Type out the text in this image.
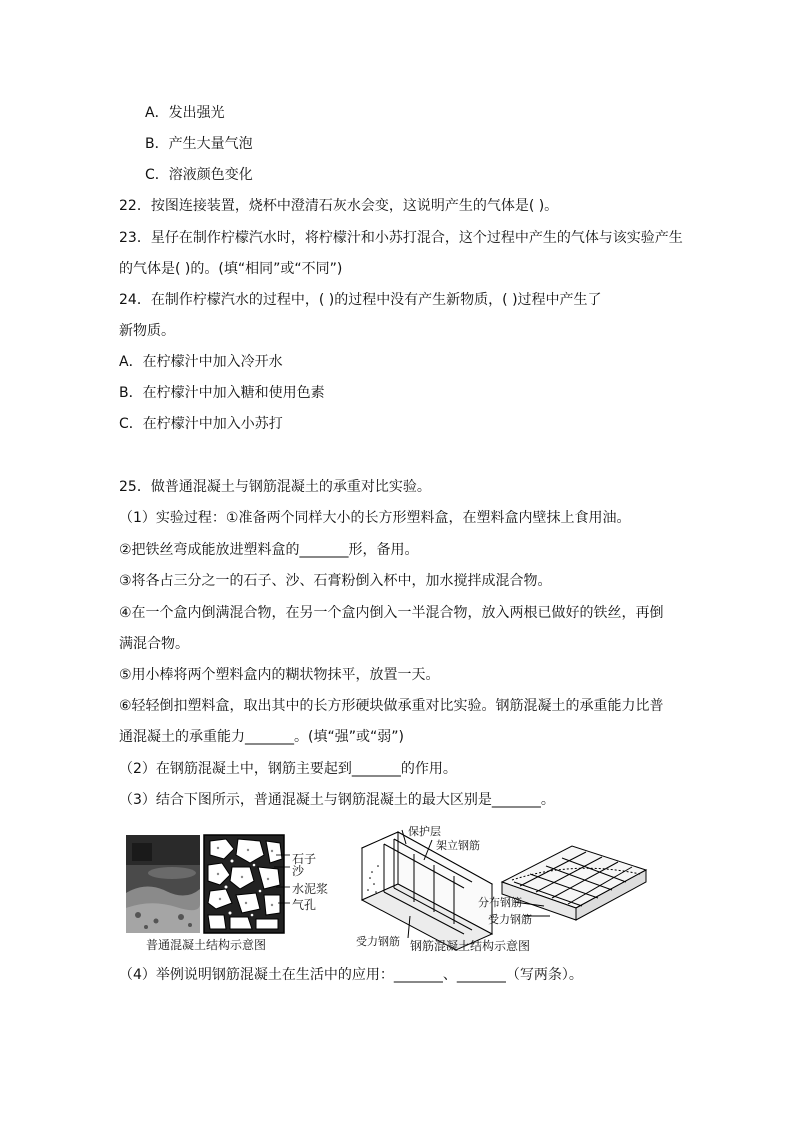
A．发出强光
B．产生大量气泡
C．溶液颜色变化
22．按图连接装置，烧杯中澄清石灰水会变，这说明产生的气体是( )。
23．星仔在制作柠檬汽水时，将柠檬汁和小苏打混合，这个过程中产生的气体与该实验产生
的气体是( )的。(填“相同”或“不同”)
24．在制作柠檬汽水的过程中，( )的过程中没有产生新物质，( )过程中产生了
新物质。
A．在柠檬汁中加入冷开水
B．在柠檬汁中加入糖和使用色素
C．在柠檬汁中加入小苏打
25．做普通混凝土与钢筋混凝土的承重对比实验。
（1）实验过程：①准备两个同样大小的长方形塑料盒，在塑料盒内壁抹上食用油。
②把铁丝弯成能放进塑料盒的_______形，备用。
③将各占三分之一的石子、沙、石膏粉倒入杯中，加水搅拌成混合物。
④在一个盒内倒满混合物，在另一个盒内倒入一半混合物，放入两根已做好的铁丝，再倒
满混合物。
⑤用小棒将两个塑料盒内的糊状物抹平，放置一天。
⑥轻轻倒扣塑料盒，取出其中的长方形硬块做承重对比实验。钢筋混凝土的承重能力比普
通混凝土的承重能力_______。(填“强”或“弱”)
（2）在钢筋混凝土中，钢筋主要起到_______的作用。
（3）结合下图所示，普通混凝土与钢筋混凝土的最大区别是_______。
石子
沙
水泥浆
气孔
普通混凝土结构示意图
保护层
架立钢筋
受力钢筋
分布钢筋
受力钢筋
钢筋混凝土结构示意图
（4）举例说明钢筋混凝土在生活中的应用：_______、_______（写两条）。
